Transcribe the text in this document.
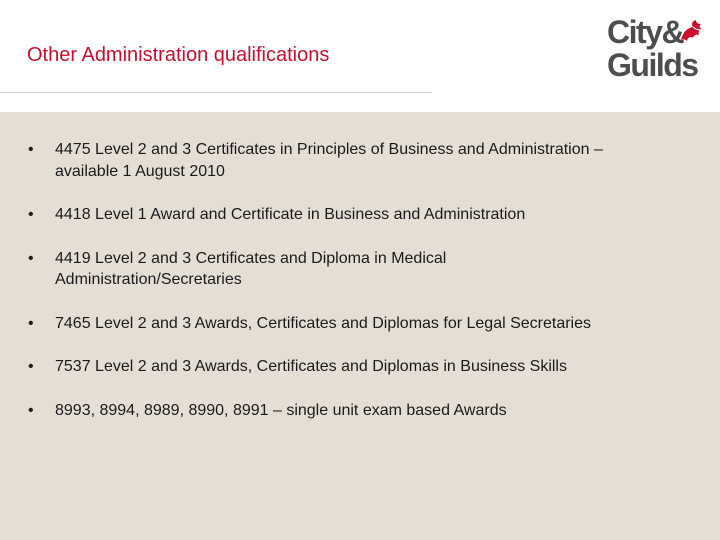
Other Administration qualifications
City&
Guilds
• 4475 Level 2 and 3 Certificates in Principles of Business and Administration – available 1 August 2010
• 4418 Level 1 Award and Certificate in Business and Administration
• 4419 Level 2 and 3 Certificates and Diploma in Medical Administration/Secretaries
• 7465 Level 2 and 3 Awards, Certificates and Diplomas for Legal Secretaries
• 7537 Level 2 and 3 Awards, Certificates and Diplomas in Business Skills
• 8993, 8994, 8989, 8990, 8991 – single unit exam based Awards
